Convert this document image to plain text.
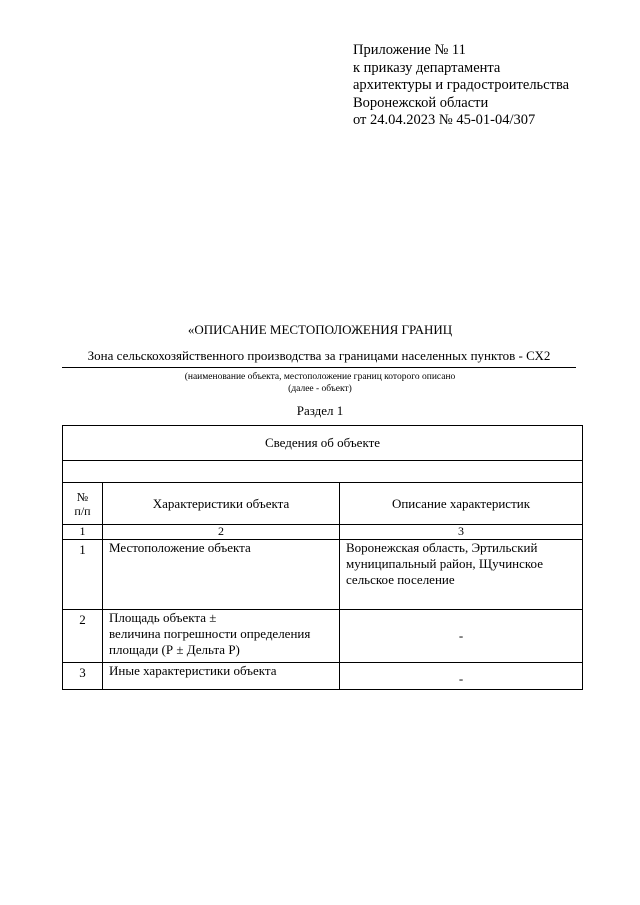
Приложение № 11
к приказу департамента
архитектуры и градостроительства
Воронежской области
от 24.04.2023 № 45-01-04/307
«ОПИСАНИЕ МЕСТОПОЛОЖЕНИЯ ГРАНИЦ
Зона сельскохозяйственного производства за границами населенных пунктов - СХ2
(наименование объекта, местоположение границ которого описано
(далее - объект)
Раздел 1
Сведения об объекте		

№
п/п	Характеристики объекта	Описание характеристик
1	2	3
1	Местоположение объекта	Воронежская область, Эртильский
муниципальный район, Щучинское
сельское поселение

2	Площадь объекта ±
величина погрешности определения
площади (Р ± Дельта Р)	-
3	Иные характеристики объекта	-
